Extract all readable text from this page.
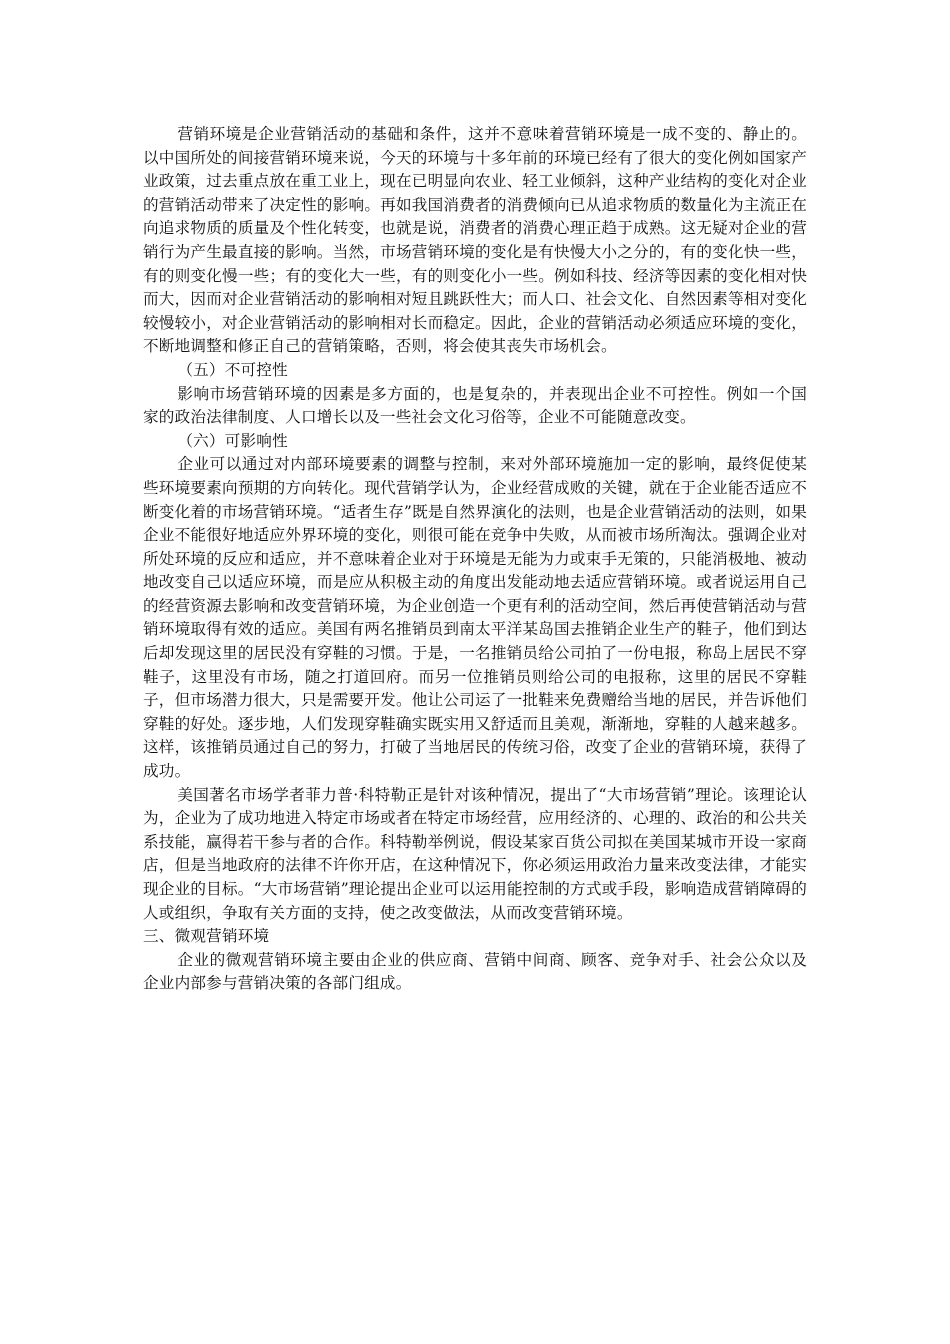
营销环境是企业营销活动的基础和条件，这并不意味着营销环境是一成不变的、静止的。以中国所处的间接营销环境来说，今天的环境与十多年前的环境已经有了很大的变化例如国家产业政策，过去重点放在重工业上，现在已明显向农业、轻工业倾斜，这种产业结构的变化对企业的营销活动带来了决定性的影响。再如我国消费者的消费倾向已从追求物质的数量化为主流正在向追求物质的质量及个性化转变，也就是说，消费者的消费心理正趋于成熟。这无疑对企业的营销行为产生最直接的影响。当然，市场营销环境的变化是有快慢大小之分的，有的变化快一些，有的则变化慢一些；有的变化大一些，有的则变化小一些。例如科技、经济等因素的变化相对快而大，因而对企业营销活动的影响相对短且跳跃性大；而人口、社会文化、自然因素等相对变化较慢较小，对企业营销活动的影响相对长而稳定。因此，企业的营销活动必须适应环境的变化，不断地调整和修正自己的营销策略，否则，将会使其丧失市场机会。

（五）不可控性

影响市场营销环境的因素是多方面的，也是复杂的，并表现出企业不可控性。例如一个国家的政治法律制度、人口增长以及一些社会文化习俗等，企业不可能随意改变。

（六）可影响性

企业可以通过对内部环境要素的调整与控制，来对外部环境施加一定的影响，最终促使某些环境要素向预期的方向转化。现代营销学认为，企业经营成败的关键，就在于企业能否适应不断变化着的市场营销环境。“适者生存”既是自然界演化的法则，也是企业营销活动的法则，如果企业不能很好地适应外界环境的变化，则很可能在竞争中失败，从而被市场所淘汰。强调企业对所处环境的反应和适应，并不意味着企业对于环境是无能为力或束手无策的，只能消极地、被动地改变自己以适应环境，而是应从积极主动的角度出发能动地去适应营销环境。或者说运用自己的经营资源去影响和改变营销环境，为企业创造一个更有利的活动空间，然后再使营销活动与营销环境取得有效的适应。美国有两名推销员到南太平洋某岛国去推销企业生产的鞋子，他们到达后却发现这里的居民没有穿鞋的习惯。于是，一名推销员给公司拍了一份电报，称岛上居民不穿鞋子，这里没有市场，随之打道回府。而另一位推销员则给公司的电报称，这里的居民不穿鞋子，但市场潜力很大，只是需要开发。他让公司运了一批鞋来免费赠给当地的居民，并告诉他们穿鞋的好处。逐步地，人们发现穿鞋确实既实用又舒适而且美观，渐渐地，穿鞋的人越来越多。这样，该推销员通过自己的努力，打破了当地居民的传统习俗，改变了企业的营销环境，获得了成功。

美国著名市场学者菲力普·科特勒正是针对该种情况，提出了“大市场营销”理论。该理论认为，企业为了成功地进入特定市场或者在特定市场经营，应用经济的、心理的、政治的和公共关系技能，赢得若干参与者的合作。科特勒举例说，假设某家百货公司拟在美国某城市开设一家商店，但是当地政府的法律不许你开店，在这种情况下，你必须运用政治力量来改变法律，才能实现企业的目标。“大市场营销”理论提出企业可以运用能控制的方式或手段，影响造成营销障碍的人或组织，争取有关方面的支持，使之改变做法，从而改变营销环境。

三、微观营销环境

企业的微观营销环境主要由企业的供应商、营销中间商、顾客、竞争对手、社会公众以及企业内部参与营销决策的各部门组成。
